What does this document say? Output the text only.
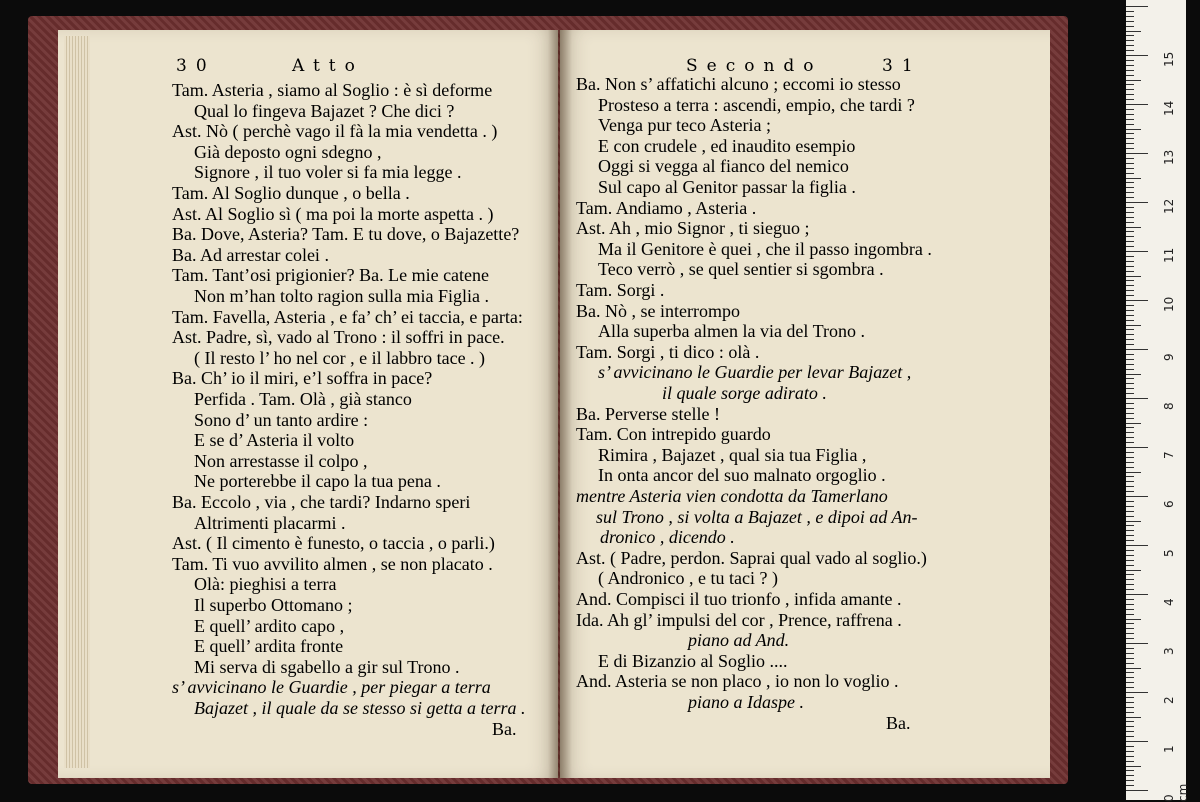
30	Atto
Tam. Asteria , siamo al Soglio : è sì deforme
Qual lo fingeva Bajazet ? Che dici ?
Ast. Nò ( perchè vago il fà la mia vendetta . )
Già deposto ogni sdegno ,
Signore , il tuo voler si fa mia legge .
Tam. Al Soglio dunque , o bella .
Ast. Al Soglio sì ( ma poi la morte aspetta . )
Ba. Dove, Asteria? Tam. E tu dove, o Bajazette?
Ba. Ad arrestar colei .
Tam. Tant’osi prigionier? Ba. Le mie catene
Non m’han tolto ragion sulla mia Figlia .
Tam. Favella, Asteria , e fa’ ch’ ei taccia, e parta:
Ast. Padre, sì, vado al Trono : il soffri in pace.
( Il resto l’ ho nel cor , e il labbro tace . )
Ba. Ch’ io il miri, e’l soffra in pace?
Perfida . Tam. Olà , già stanco
Sono d’ un tanto ardire :
E se d’ Asteria il volto
Non arrestasse il colpo ,
Ne porterebbe il capo la tua pena .
Ba. Eccolo , via , che tardi? Indarno speri
Altrimenti placarmi .
Ast. ( Il cimento è funesto, o taccia , o parli.)
Tam. Ti vuo avvilito almen , se non placato .
Olà: pieghisi a terra
Il superbo Ottomano ;
E quell’ ardito capo ,
E quell’ ardita fronte
Mi serva di sgabello a gir sul Trono .
s’ avvicinano le Guardie , per piegar a terra
Bajazet , il quale da se stesso si getta a terra .
Ba.
Secondo	31
Ba. Non s’ affatichi alcuno ; eccomi io stesso
Prosteso a terra : ascendi, empio, che tardi ?
Venga pur teco Asteria ;
E con crudele , ed inaudito esempio
Oggi si vegga al fianco del nemico
Sul capo al Genitor passar la figlia .
Tam. Andiamo , Asteria .
Ast. Ah , mio Signor , ti sieguo ;
Ma il Genitore è quei , che il passo ingombra .
Teco verrò , se quel sentier si sgombra .
Tam. Sorgi .
Ba. Nò , se interrompo
Alla superba almen la via del Trono .
Tam. Sorgi , ti dico : olà .
s’ avvicinano le Guardie per levar Bajazet ,
il quale sorge adirato .
Ba. Perverse stelle !
Tam. Con intrepido guardo
Rimira , Bajazet , qual sia tua Figlia ,
In onta ancor del suo malnato orgoglio .
mentre Asteria vien condotta da Tamerlano
sul Trono , si volta a Bajazet , e dipoi ad An-
dronico , dicendo .
Ast. ( Padre, perdon. Saprai qual vado al soglio.)
( Andronico , e tu taci ? )
And. Compisci il tuo trionfo , infida amante .
Ida. Ah gl’ impulsi del cor , Prence, raffrena .
piano ad And.
E di Bizanzio al Soglio ....
And. Asteria se non placo , io non lo voglio .
piano a Idaspe .
Ba.
0 cm
1
2
3
4
5
6
7
8
9
10
11
12
13
14
15
